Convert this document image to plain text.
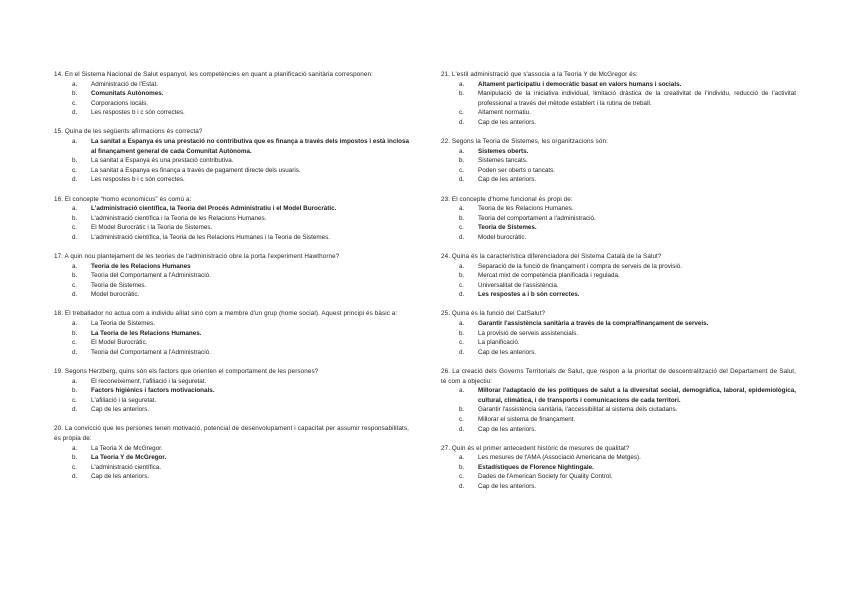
14. En el Sistema Nacional de Salut espanyol, les competències en quant a planificació sanitària corresponen:
a.	Administració de l'Estat.
b.	Comunitats Autònomes.
c.	Corporacions locals.
d.	Les respostes b i c són correctes.
15. Quina de les següents afirmacions és correcta?
a.	La sanitat a Espanya és una prestació no contributiva que es finança a través dels impostos i està inclosa al finançament general de cada Comunitat Autònoma.
b.	La sanitat a Espanya és una prestació contributiva.
c.	La sanitat a Espanya es finança a través de pagament directe dels usuaris.
d.	Les respostes b i c són correctes.
16. El concepte “homo economicus” és comú a:
a.	L'administració científica, la Teoria del Procés Administratiu i el Model Burocràtic.
b.	L'administració científica i la Teoria de les Relacions Humanes.
c.	El Model Burocràtic i la Teoria de Sistemes.
d.	L'administració científica, la Teoria de les Relacions Humanes i la Teoria de Sistemes.
17. A quin nou plantejament de les teories de l'administració obre la porta l'experiment Hawthorne?
a.	Teoria de les Relacions Humanes
b.	Teoria del Comportament a l'Administració.
c.	Teoria de Sistemes.
d.	Model burocràtic.
18. El treballador no actua com a individu aïllat sinó com a membre d'un grup (home social). Aquest principi és bàsic a:
a.	La Teoria de Sistemes.
b.	La Teoria de les Relacions Humanes.
c.	El Model Burocràtic.
d.	Teoria del Comportament a l'Administració.
19. Segons Herzberg, quins són els factors que orienten el comportament de les persones?
a.	El reconeixement, l'afiliació i la seguretat.
b.	Factors higiènics i factors motivacionals.
c.	L'afiliació i la seguretat.
d.	Cap de les anteriors.
20. La convicció que les persones tenen motivació, potencial de desenvolupament i capacitat per assumir responsabilitats, és pròpia de:
a.	La Teoria X de McGregor.
b.	La Teoria Y de McGregor.
c.	L'administració científica.
d.	Cap de les anteriors.
21. L'estil administració que s'associa a la Teoria Y de McGregor és:
a.	Altament participatiu i democràtic basat en valors humans i socials.
b.	Manipulació de la iniciativa individual, limitació dràstica de la creativitat de l'individu, reducció de l'activitat professional a través del mètode establert i la rutina de treball.
c.	Altament normatiu.
d.	Cap de les anteriors.
22. Segons la Teoria de Sistemes, les organitzacions són:
a.	Sistemes oberts.
b.	Sistemes tancats.
c.	Poden ser oberts o tancats.
d.	Cap de les anteriors.
23. El concepte d'home funcional és propi de:
a.	Teoria de les Relacions Humanes.
b.	Teoria del comportament a l'administració.
c.	Teoria de Sistemes.
d.	Model burocràtic.
24. Quina és la característica diferenciadora del Sistema Català de la Salut?
a.	Separació de la funció de finançament i compra de serveis de la provisió.
b.	Mercat mixt de competència planificada i regulada.
c.	Universalitat de l'assistència.
d.	Les respostes a i b són correctes.
25. Quina és la funció del CatSalut?
a.	Garantir l'assistència sanitària a través de la compra/finançament de serveis.
b.	La provisió de serveis assistencials.
c.	La planificació.
d.	Cap de les anteriors.
26. La creació dels Governs Territorials de Salut, que respon a la prioritat de descentralització del Departament de Salut, té com a objectiu:
a.	Millorar l'adaptació de les polítiques de salut a la diversitat social, demogràfica, laboral, epidemiològica, cultural, climàtica, i de transports i comunicacions de cada territori.
b.	Garantir l'assistència sanitària, l'accessibilitat al sistema dels ciutadans.
c.	Millorar el sistema de finançament.
d.	Cap de les anteriors.
27. Quin és el primer antecedent històric de mesures de qualitat?
a.	Les mesures de l'AMA (Associació Americana de Metges).
b.	Estadístiques de Florence Nightingale.
c.	Dades de l'American Society for Quality Control.
d.	Cap de les anteriors.
